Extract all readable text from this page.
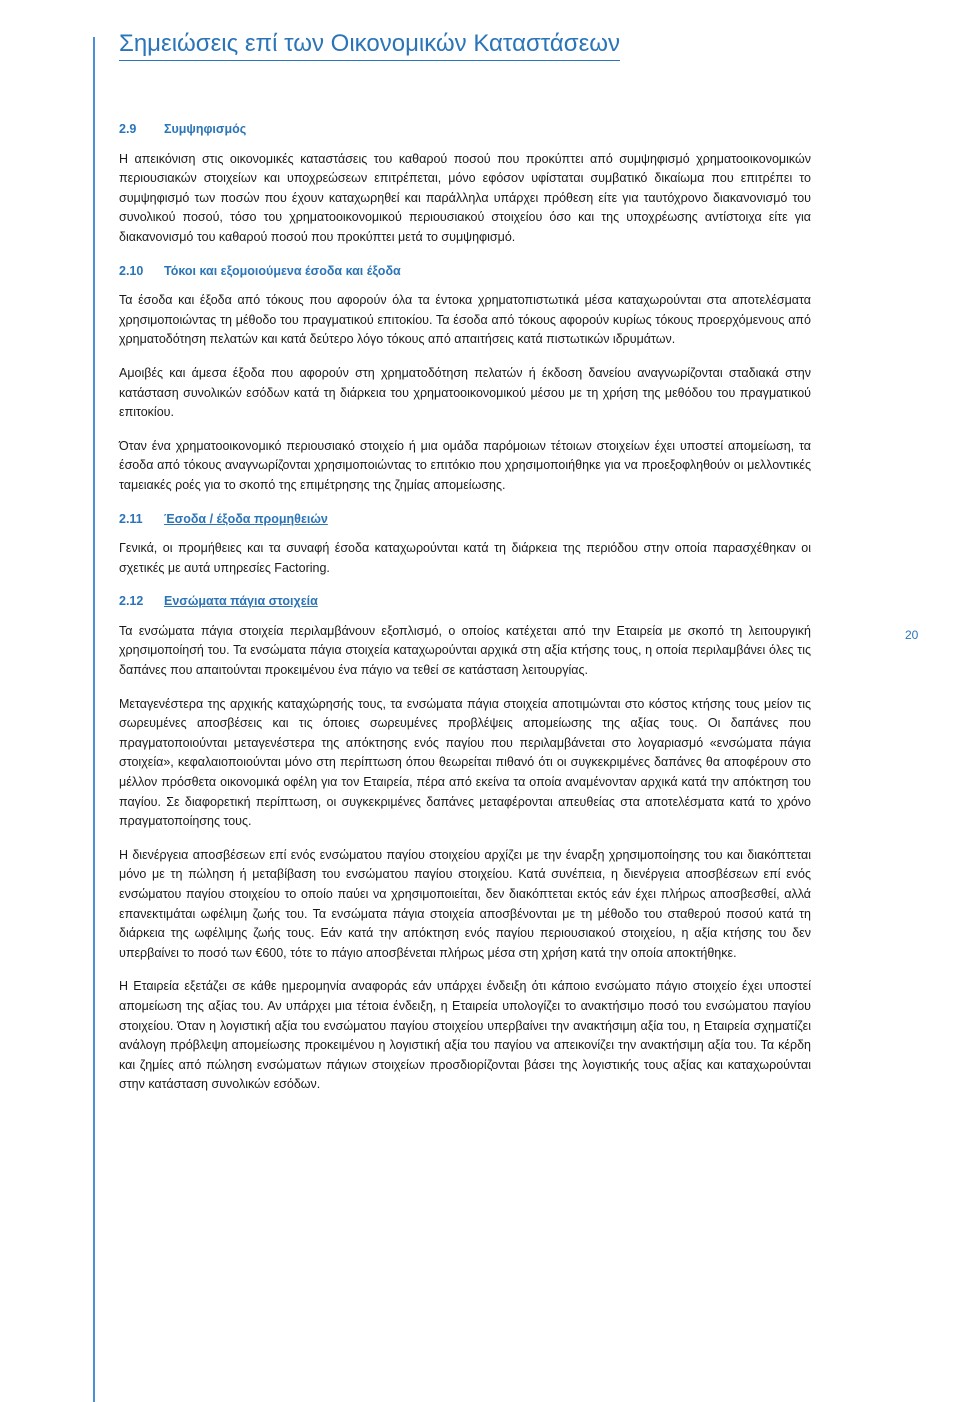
Σημειώσεις επί των Οικονομικών Καταστάσεων
20
2.9 Συμψηφισμός

Η απεικόνιση στις οικονομικές καταστάσεις του καθαρού ποσού που προκύπτει από συμψηφισμό χρηματοοικονομικών περιουσιακών στοιχείων και υποχρεώσεων επιτρέπεται, μόνο εφόσον υφίσταται συμβατικό δικαίωμα που επιτρέπει το συμψηφισμό των ποσών που έχουν καταχωρηθεί και παράλληλα υπάρχει πρόθεση είτε για ταυτόχρονο διακανονισμό του συνολικού ποσού, τόσο του χρηματοοικονομικού περιουσιακού στοιχείου όσο και της υποχρέωσης αντίστοιχα είτε για διακανονισμό του καθαρού ποσού που προκύπτει μετά το συμψηφισμό.

2.10 Τόκοι και εξομοιούμενα έσοδα και έξοδα

Τα έσοδα και έξοδα από τόκους που αφορούν όλα τα έντοκα χρηματοπιστωτικά μέσα καταχωρούνται στα αποτελέσματα χρησιμοποιώντας τη μέθοδο του πραγματικού επιτοκίου. Τα έσοδα από τόκους αφορούν κυρίως τόκους προερχόμενους από χρηματοδότηση πελατών και κατά δεύτερο λόγο τόκους από απαιτήσεις κατά πιστωτικών ιδρυμάτων.

Αμοιβές και άμεσα έξοδα που αφορούν στη χρηματοδότηση πελατών ή έκδοση δανείου αναγνωρίζονται σταδιακά στην κατάσταση συνολικών εσόδων κατά τη διάρκεια του χρηματοοικονομικού μέσου με τη χρήση της μεθόδου του πραγματικού επιτοκίου.

Όταν ένα χρηματοοικονομικό περιουσιακό στοιχείο ή μια ομάδα παρόμοιων τέτοιων στοιχείων έχει υποστεί απομείωση, τα έσοδα από τόκους αναγνωρίζονται χρησιμοποιώντας το επιτόκιο που χρησιμοποιήθηκε για να προεξοφληθούν οι μελλοντικές ταμειακές ροές για το σκοπό της επιμέτρησης της ζημίας απομείωσης.

2.11 Έσοδα / έξοδα προμηθειών

Γενικά, οι προμήθειες και τα συναφή έσοδα καταχωρούνται κατά τη διάρκεια της περιόδου στην οποία παρασχέθηκαν οι σχετικές με αυτά υπηρεσίες Factoring.

2.12 Ενσώματα πάγια στοιχεία

Τα ενσώματα πάγια στοιχεία περιλαμβάνουν εξοπλισμό, ο οποίος κατέχεται από την Εταιρεία με σκοπό τη λειτουργική χρησιμοποίησή του. Τα ενσώματα πάγια στοιχεία καταχωρούνται αρχικά στη αξία κτήσης τους, η οποία περιλαμβάνει όλες τις δαπάνες που απαιτούνται προκειμένου ένα πάγιο να τεθεί σε κατάσταση λειτουργίας.

Μεταγενέστερα της αρχικής καταχώρησής τους, τα ενσώματα πάγια στοιχεία αποτιμώνται στο κόστος κτήσης τους μείον τις σωρευμένες αποσβέσεις και τις όποιες σωρευμένες προβλέψεις απομείωσης της αξίας τους. Οι δαπάνες που πραγματοποιούνται μεταγενέστερα της απόκτησης ενός παγίου που περιλαμβάνεται στο λογαριασμό «ενσώματα πάγια στοιχεία», κεφαλαιοποιούνται μόνο στη περίπτωση όπου θεωρείται πιθανό ότι οι συγκεκριμένες δαπάνες θα αποφέρουν στο μέλλον πρόσθετα οικονομικά οφέλη για τον Εταιρεία, πέρα από εκείνα τα οποία αναμένονταν αρχικά κατά την απόκτηση του παγίου. Σε διαφορετική περίπτωση, οι συγκεκριμένες δαπάνες μεταφέρονται απευθείας στα αποτελέσματα κατά το χρόνο πραγματοποίησης τους.

Η διενέργεια αποσβέσεων επί ενός ενσώματου παγίου στοιχείου αρχίζει με την έναρξη χρησιμοποίησης του και διακόπτεται μόνο με τη πώληση ή μεταβίβαση του ενσώματου παγίου στοιχείου. Κατά συνέπεια, η διενέργεια αποσβέσεων επί ενός ενσώματου παγίου στοιχείου το οποίο παύει να χρησιμοποιείται, δεν διακόπτεται εκτός εάν έχει πλήρως αποσβεσθεί, αλλά επανεκτιμάται ωφέλιμη ζωής του. Τα ενσώματα πάγια στοιχεία αποσβένονται με τη μέθοδο του σταθερού ποσού κατά τη διάρκεια της ωφέλιμης ζωής τους. Εάν κατά την απόκτηση ενός παγίου περιουσιακού στοιχείου, η αξία κτήσης του δεν υπερβαίνει το ποσό των €600, τότε το πάγιο αποσβένεται πλήρως μέσα στη χρήση κατά την οποία αποκτήθηκε.

Η Εταιρεία εξετάζει σε κάθε ημερομηνία αναφοράς εάν υπάρχει ένδειξη ότι κάποιο ενσώματο πάγιο στοιχείο έχει υποστεί απομείωση της αξίας του. Αν υπάρχει μια τέτοια ένδειξη, η Εταιρεία υπολογίζει το ανακτήσιμο ποσό του ενσώματου παγίου στοιχείου. Όταν η λογιστική αξία του ενσώματου παγίου στοιχείου υπερβαίνει την ανακτήσιμη αξία του, η Εταιρεία σχηματίζει ανάλογη πρόβλεψη απομείωσης προκειμένου η λογιστική αξία του παγίου να απεικονίζει την ανακτήσιμη αξία του. Τα κέρδη και ζημίες από πώληση ενσώματων πάγιων στοιχείων προσδιορίζονται βάσει της λογιστικής τους αξίας και καταχωρούνται στην κατάσταση συνολικών εσόδων.
